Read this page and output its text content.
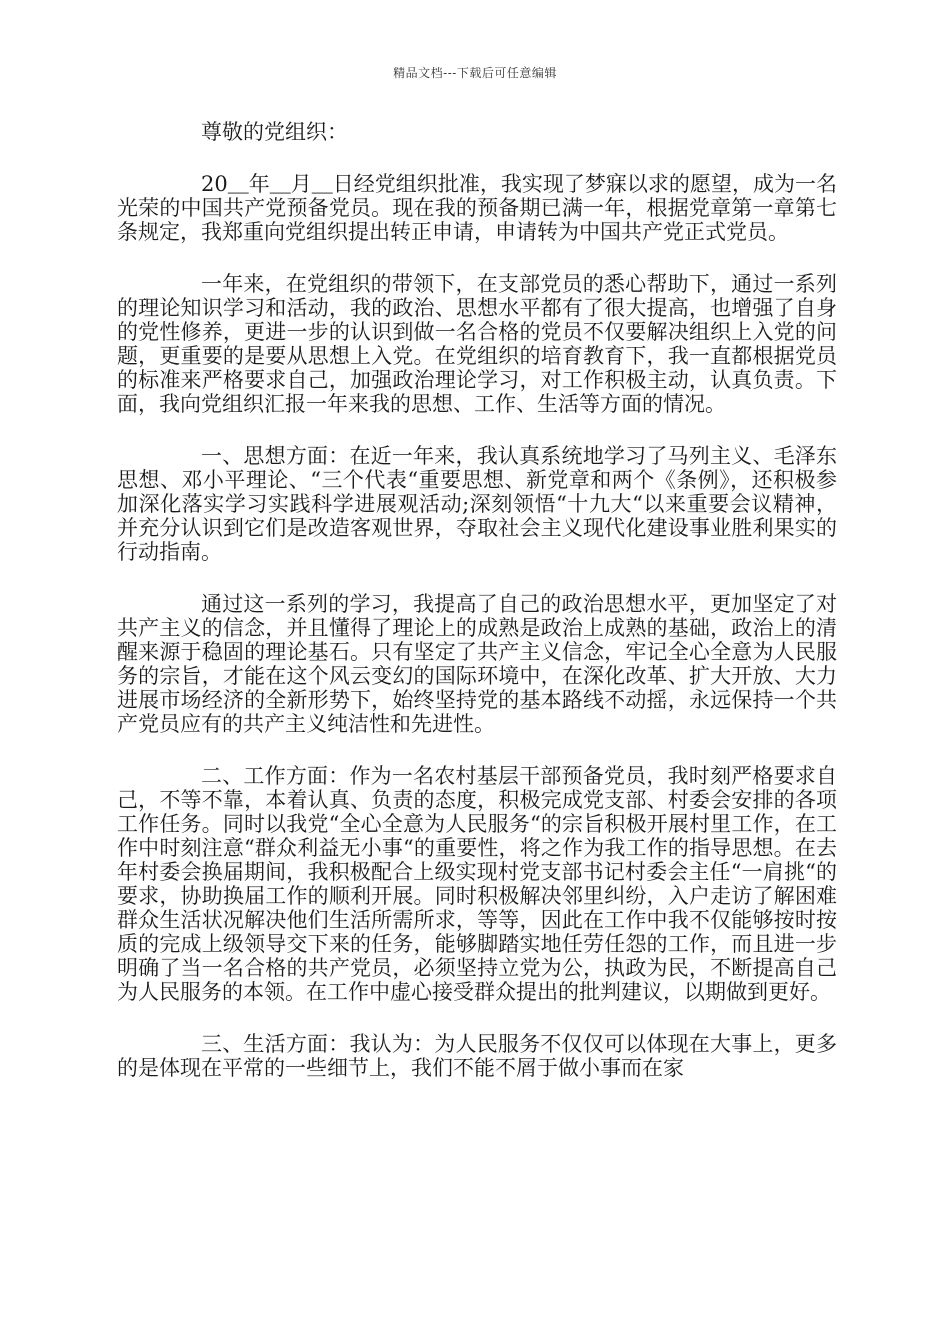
精品文档---下载后可任意编辑

尊敬的党组织：

20＿年＿月＿日经党组织批准，我实现了梦寐以求的愿望，成为一名光荣的中国共产党预备党员。现在我的预备期已满一年，根据党章第一章第七条规定，我郑重向党组织提出转正申请，申请转为中国共产党正式党员。

一年来，在党组织的带领下，在支部党员的悉心帮助下，通过一系列的理论知识学习和活动，我的政治、思想水平都有了很大提高，也增强了自身的党性修养，更进一步的认识到做一名合格的党员不仅要解决组织上入党的问题，更重要的是要从思想上入党。在党组织的培育教育下，我一直都根据党员的标准来严格要求自己，加强政治理论学习，对工作积极主动，认真负责。下面，我向党组织汇报一年来我的思想、工作、生活等方面的情况。

一、思想方面：在近一年来，我认真系统地学习了马列主义、毛泽东思想、邓小平理论、“三个代表“重要思想、新党章和两个《条例》，还积极参加深化落实学习实践科学进展观活动;深刻领悟“十九大“以来重要会议精神，并充分认识到它们是改造客观世界，夺取社会主义现代化建设事业胜利果实的行动指南。

通过这一系列的学习，我提高了自己的政治思想水平，更加坚定了对共产主义的信念，并且懂得了理论上的成熟是政治上成熟的基础，政治上的清醒来源于稳固的理论基石。只有坚定了共产主义信念，牢记全心全意为人民服务的宗旨，才能在这个风云变幻的国际环境中，在深化改革、扩大开放、大力进展市场经济的全新形势下，始终坚持党的基本路线不动摇，永远保持一个共产党员应有的共产主义纯洁性和先进性。

二、工作方面：作为一名农村基层干部预备党员，我时刻严格要求自己，不等不靠，本着认真、负责的态度，积极完成党支部、村委会安排的各项工作任务。同时以我党“全心全意为人民服务“的宗旨积极开展村里工作，在工作中时刻注意“群众利益无小事“的重要性，将之作为我工作的指导思想。在去年村委会换届期间，我积极配合上级实现村党支部书记村委会主任“一肩挑“的要求，协助换届工作的顺利开展。同时积极解决邻里纠纷，入户走访了解困难群众生活状况解决他们生活所需所求，等等，因此在工作中我不仅能够按时按质的完成上级领导交下来的任务，能够脚踏实地任劳任怨的工作，而且进一步明确了当一名合格的共产党员，必须坚持立党为公，执政为民，不断提高自己为人民服务的本领。在工作中虚心接受群众提出的批判建议，以期做到更好。

三、生活方面：我认为：为人民服务不仅仅可以体现在大事上，更多的是体现在平常的一些细节上，我们不能不屑于做小事而在家
